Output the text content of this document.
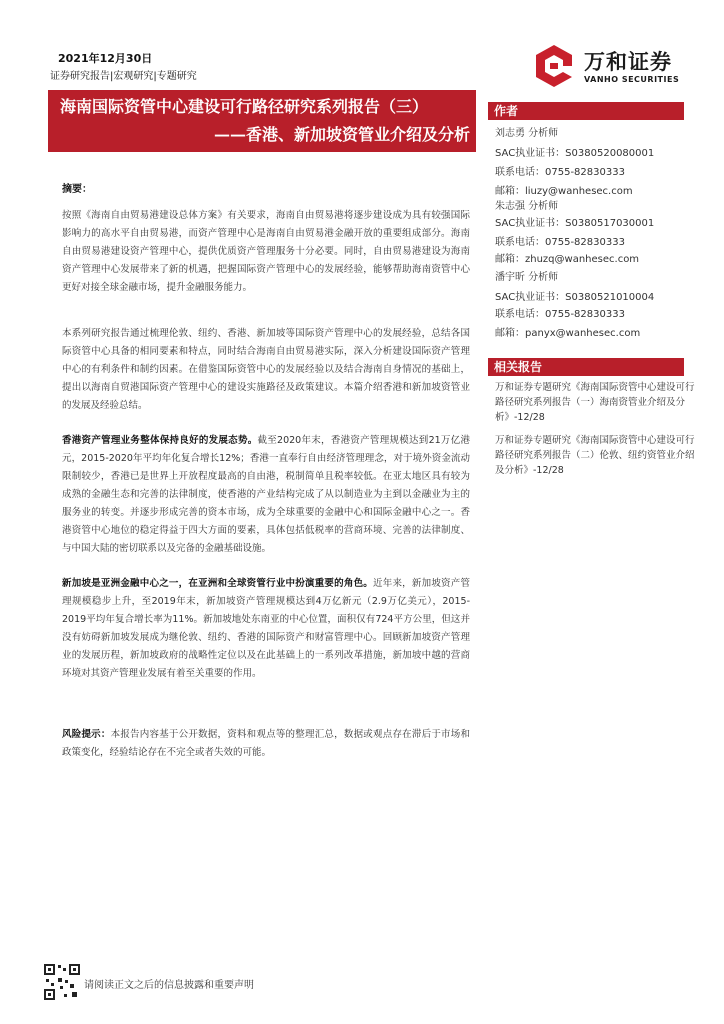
2021年12月30日
证券研究报告|宏观研究|专题研究
万和证券
VANHO SECURITIES
海南国际资管中心建设可行路径研究系列报告（三）
——香港、新加坡资管业介绍及分析
作者
刘志勇 分析师
SAC执业证书：S0380520080001
联系电话：0755-82830333
邮箱：liuzy@wanhesec.com
朱志强 分析师
SAC执业证书：S0380517030001
联系电话：0755-82830333
邮箱：zhuzq@wanhesec.com
潘宇昕 分析师
SAC执业证书：S0380521010004
联系电话：0755-82830333
邮箱：panyx@wanhesec.com
相关报告
万和证券专题研究《海南国际资管中心建设可行路径研究系列报告（一）海南资管业介绍及分析》-12/28
万和证券专题研究《海南国际资管中心建设可行路径研究系列报告（二）伦敦、纽约资管业介绍及分析》-12/28
摘要：
按照《海南自由贸易港建设总体方案》有关要求，海南自由贸易港将逐步建设成为具有较强国际影响力的高水平自由贸易港，而资产管理中心是海南自由贸易港金融开放的重要组成部分。海南自由贸易港建设资产管理中心，提供优质资产管理服务十分必要。同时，自由贸易港建设为海南资产管理中心发展带来了新的机遇，把握国际资产管理中心的发展经验，能够帮助海南资管中心更好对接全球金融市场，提升金融服务能力。
本系列研究报告通过梳理伦敦、纽约、香港、新加坡等国际资产管理中心的发展经验，总结各国际资管中心具备的相同要素和特点，同时结合海南自由贸易港实际，深入分析建设国际资产管理中心的有利条件和制约因素。在借鉴国际资管中心的发展经验以及结合海南自身情况的基础上，提出以海南自贸港国际资产管理中心的建设实施路径及政策建议。本篇介绍香港和新加坡资管业的发展及经验总结。
香港资产管理业务整体保持良好的发展态势。截至2020年末，香港资产管理规模达到21万亿港元，2015-2020年平均年化复合增长12%；香港一直奉行自由经济管理理念，对于境外资金流动限制较少，香港已是世界上开放程度最高的自由港，税制简单且税率较低。在亚太地区具有较为成熟的金融生态和完善的法律制度，使香港的产业结构完成了从以制造业为主到以金融业为主的服务业的转变。并逐步形成完善的资本市场，成为全球重要的金融中心和国际金融中心之一。香港资管中心地位的稳定得益于四大方面的要素，具体包括低税率的营商环境、完善的法律制度、与中国大陆的密切联系以及完备的金融基础设施。
新加坡是亚洲金融中心之一，在亚洲和全球资管行业中扮演重要的角色。近年来，新加坡资产管理规模稳步上升，至2019年末，新加坡资产管理规模达到4万亿新元（2.9万亿美元），2015-2019平均年复合增长率为11%。新加坡地处东南亚的中心位置，面积仅有724平方公里，但这并没有妨碍新加坡发展成为继伦敦、纽约、香港的国际资产和财富管理中心。回顾新加坡资产管理业的发展历程，新加坡政府的战略性定位以及在此基础上的一系列改革措施，新加坡中越的营商环境对其资产管理业发展有着至关重要的作用。
风险提示：本报告内容基于公开数据，资料和观点等的整理汇总，数据或观点存在滞后于市场和政策变化，经验结论存在不完全或者失效的可能。
请阅读正文之后的信息披露和重要声明
